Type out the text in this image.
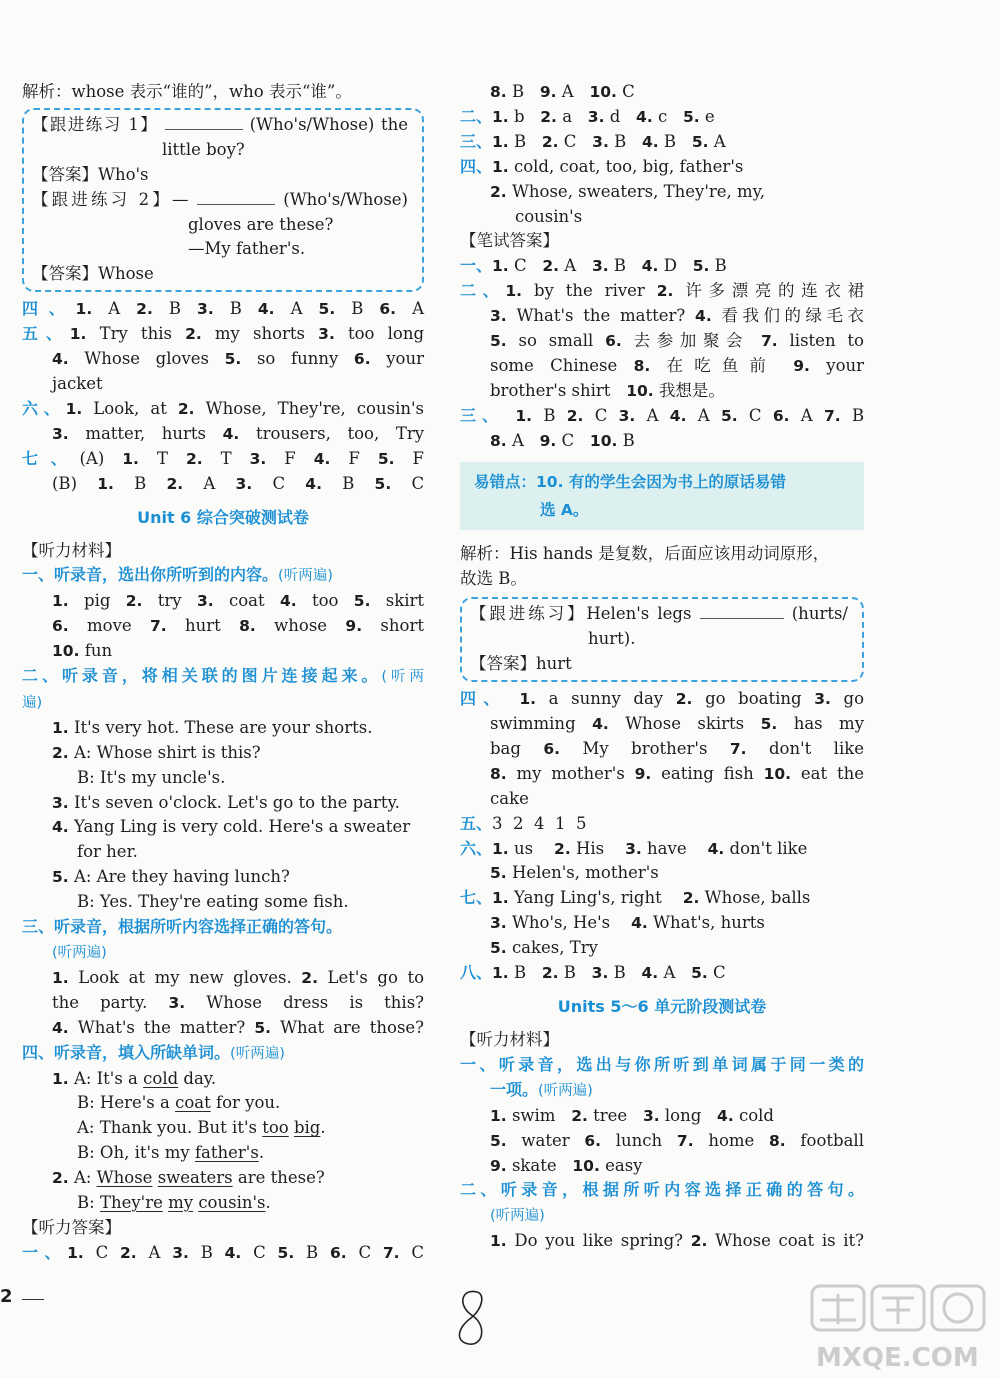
解析：whose 表示“谁的”，who 表示“谁”。
【跟进练习 1】	(Who's/Whose) the
little boy?
【答案】Who's
【跟进练习 2】—	(Who's/Whose)
gloves are these?
—My father's.
【答案】Whose
四、1. A 2. B 3. B 4. A 5. B 6. A
五、1. Try this 2. my shorts 3. too long
4. Whose gloves 5. so funny 6. your
jacket
六、1. Look, at 2. Whose, They're, cousin's
3. matter, hurts 4. trousers, too, Try
七、(A) 1. T 2. T 3. F 4. F 5. F
(B) 1. B 2. A 3. C 4. B 5. C
Unit 6 综合突破测试卷
【听力材料】
一、听录音，选出你所听到的内容。(听两遍)
1. pig 2. try 3. coat 4. too 5. skirt
6. move 7. hurt 8. whose 9. short
10. fun
二、听录音，将相关联的图片连接起来。(听两
遍)
1. It's very hot. These are your shorts.
2. A: Whose shirt is this?
B: It's my uncle's.
3. It's seven o'clock. Let's go to the party.
4. Yang Ling is very cold. Here's a sweater
for her.
5. A: Are they having lunch?
B: Yes. They're eating some fish.
三、听录音，根据所听内容选择正确的答句。
(听两遍)
1. Look at my new gloves. 2. Let's go to
the party. 3. Whose dress is this?
4. What's the matter? 5. What are those?
四、听录音，填入所缺单词。(听两遍)
1. A: It's a cold day.
B: Here's a coat for you.
A: Thank you. But it's too big.
B: Oh, it's my father's.
2. A: Whose sweaters are these?
B: They're my cousin's.
【听力答案】
一、1. C 2. A 3. B 4. C 5. B 6. C 7. C
8. B 9. A 10. C
二、1. b 2. a 3. d 4. c 5. e
三、1. B 2. C 3. B 4. B 5. A
四、1. cold, coat, too, big, father's
2. Whose, sweaters, They're, my,
cousin's
【笔试答案】
一、1. C 2. A 3. B 4. D 5. B
二、1. by the river 2. 许多漂亮的连衣裙
3. What's the matter? 4. 看我们的绿毛衣
5. so small 6. 去参加聚会 7. listen to
some Chinese 8. 在吃鱼前 9. your
brother's shirt 10. 我想是。
三、 1. B 2. C 3. A 4. A 5. C 6. A 7. B
8. A 9. C 10. B
易错点：10. 有的学生会因为书上的原话易错
选 A。
解析：His hands 是复数，后面应该用动词原形，
故选 B。
【跟进练习】Helen's legs	(hurts/
hurt).
【答案】hurt
四、 1. a sunny day 2. go boating 3. go
swimming 4. Whose skirts 5. has my
bag 6. My brother's 7. don't like
8. my mother's 9. eating fish 10. eat the
cake
五、3  2  4  1  5
六、1. us 2. His 3. have 4. don't like
5. Helen's, mother's
七、1. Yang Ling's, right 2. Whose, balls
3. Who's, He's 4. What's, hurts
5. cakes, Try
八、1. B 2. B 3. B 4. A 5. C
Units 5～6 单元阶段测试卷
【听力材料】
一、听录音，选出与你所听到单词属于同一类的
一项。(听两遍)
1. swim 2. tree 3. long 4. cold
5. water 6. lunch 7. home 8. football
9. skate 10. easy
二、听录音，根据所听内容选择正确的答句。
(听两遍)
1. Do you like spring? 2. Whose coat is it?
2
MXQE.COM
